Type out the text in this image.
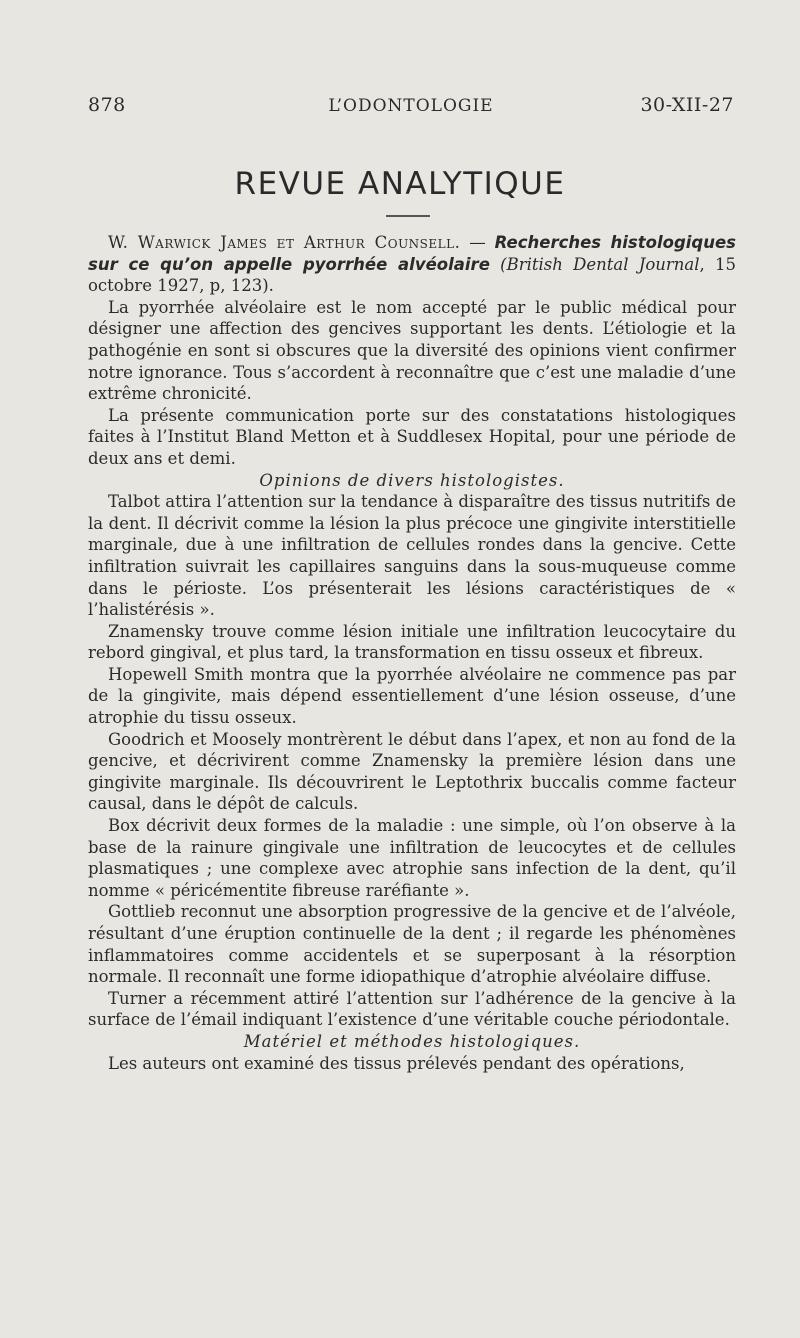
878	L’ODONTOLOGIE	30-XII-27
REVUE ANALYTIQUE

W. Warwick James et Arthur Counsell. — Recherches histologiques sur ce qu’on appelle pyorrhée alvéolaire (British Dental Journal, 15 octobre 1927, p, 123).

La pyorrhée alvéolaire est le nom accepté par le public médical pour désigner une affection des gencives supportant les dents. L’étiologie et la pathogénie en sont si obscures que la diversité des opinions vient confirmer notre ignorance. Tous s’accordent à reconnaître que c’est une maladie d’une extrême chronicité.

La présente communication porte sur des constatations histologiques faites à l’Institut Bland Metton et à Suddlesex Hopital, pour une période de deux ans et demi.

Opinions de divers histologistes.

Talbot attira l’attention sur la tendance à disparaître des tissus nutritifs de la dent. Il décrivit comme la lésion la plus précoce une gingivite interstitielle marginale, due à une infiltration de cellules rondes dans la gencive. Cette infiltration suivrait les capillaires sanguins dans la sous-muqueuse comme dans le périoste. L’os présenterait les lésions caractéristiques de « l’halistérésis ».

Znamensky trouve comme lésion initiale une infiltration leucocytaire du rebord gingival, et plus tard, la transformation en tissu osseux et fibreux.

Hopewell Smith montra que la pyorrhée alvéolaire ne commence pas par de la gingivite, mais dépend essentiellement d’une lésion osseuse, d’une atrophie du tissu osseux.

Goodrich et Moosely montrèrent le début dans l’apex, et non au fond de la gencive, et décrivirent comme Znamensky la première lésion dans une gingivite marginale. Ils découvrirent le Leptothrix buccalis comme facteur causal, dans le dépôt de calculs.

Box décrivit deux formes de la maladie : une simple, où l’on observe à la base de la rainure gingivale une infiltration de leucocytes et de cellules plasmatiques ; une complexe avec atrophie sans infection de la dent, qu’il nomme « péricémentite fibreuse raréfiante ».

Gottlieb reconnut une absorption progressive de la gencive et de l’alvéole, résultant d’une éruption continuelle de la dent ; il regarde les phénomènes inflammatoires comme accidentels et se superposant à la résorption normale. Il reconnaît une forme idiopathique d’atrophie alvéolaire diffuse.

Turner a récemment attiré l’attention sur l’adhérence de la gencive à la surface de l’émail indiquant l’existence d’une véritable couche périodontale.

Matériel et méthodes histologiques.

Les auteurs ont examiné des tissus prélevés pendant des opérations,
